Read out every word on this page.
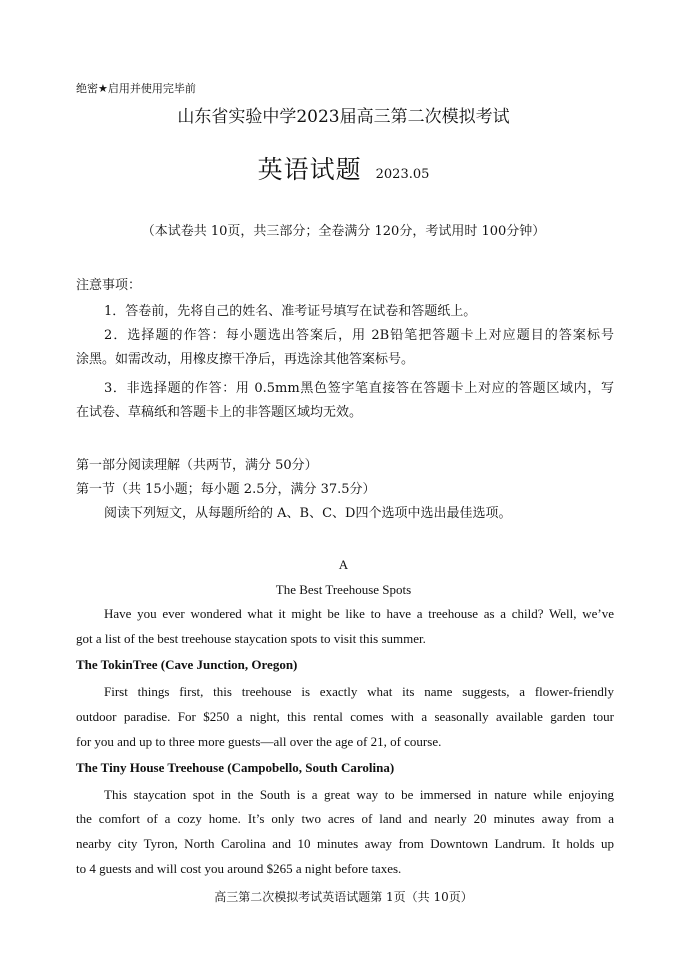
绝密★启用并使用完毕前
山东省实验中学2023届高三第二次模拟考试
英语试题 2023.05
（本试卷共 10页，共三部分；全卷满分 120分，考试用时 100分钟）
注意事项：
1．答卷前，先将自己的姓名、准考证号填写在试卷和答题纸上。
2．选择题的作答：每小题选出答案后，用 2B铅笔把答题卡上对应题目的答案标号
涂黑。如需改动，用橡皮擦干净后，再选涂其他答案标号。
3．非选择题的作答：用 0.5mm黑色签字笔直接答在答题卡上对应的答题区域内，写
在试卷、草稿纸和答题卡上的非答题区域均无效。
第一部分阅读理解（共两节，满分 50分）
第一节（共 15小题；每小题 2.5分，满分 37.5分）
阅读下列短文，从每题所给的 A、B、C、D四个选项中选出最佳选项。
A
The Best Treehouse Spots
Have you ever wondered what it might be like to have a treehouse as a child? Well, we’ve
got a list of the best treehouse staycation spots to visit this summer.
The TokinTree (Cave Junction, Oregon)
First things first, this treehouse is exactly what its name suggests, a flower-friendly
outdoor paradise. For $250 a night, this rental comes with a seasonally available garden tour
for you and up to three more guests—all over the age of 21, of course.
The Tiny House Treehouse (Campobello, South Carolina)
This staycation spot in the South is a great way to be immersed in nature while enjoying
the comfort of a cozy home. It’s only two acres of land and nearly 20 minutes away from a
nearby city Tyron, North Carolina and 10 minutes away from Downtown Landrum. It holds up
to 4 guests and will cost you around $265 a night before taxes.
高三第二次模拟考试英语试题第 1页（共 10页）
